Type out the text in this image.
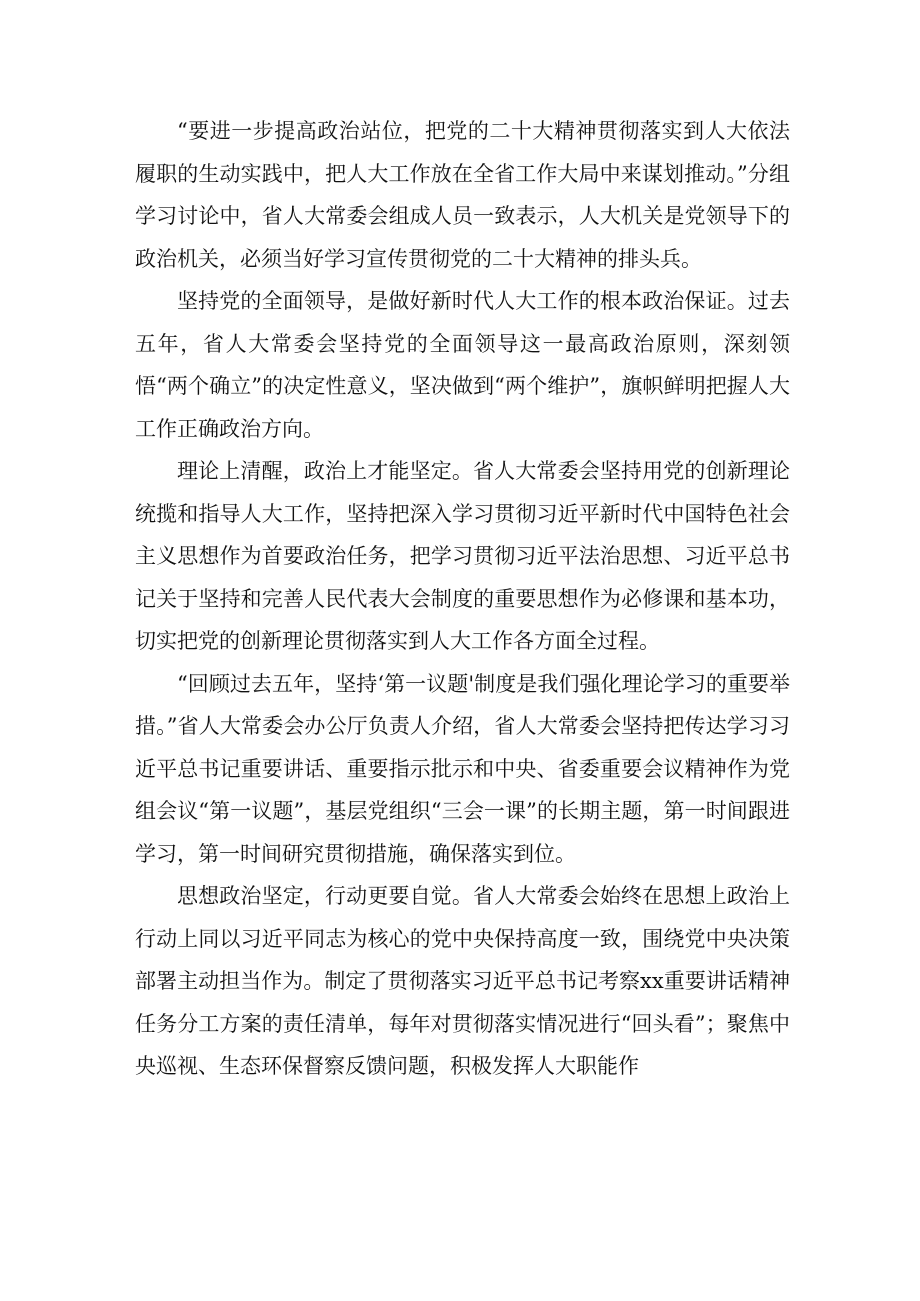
“要进一步提高政治站位，把党的二十大精神贯彻落实到人大依法履职的生动实践中，把人大工作放在全省工作大局中来谋划推动。”分组学习讨论中，省人大常委会组成人员一致表示，人大机关是党领导下的政治机关，必须当好学习宣传贯彻党的二十大精神的排头兵。

坚持党的全面领导，是做好新时代人大工作的根本政治保证。过去五年，省人大常委会坚持党的全面领导这一最高政治原则，深刻领悟“两个确立”的决定性意义，坚决做到“两个维护”，旗帜鲜明把握人大工作正确政治方向。

理论上清醒，政治上才能坚定。省人大常委会坚持用党的创新理论统揽和指导人大工作，坚持把深入学习贯彻习近平新时代中国特色社会主义思想作为首要政治任务，把学习贯彻习近平法治思想、习近平总书记关于坚持和完善人民代表大会制度的重要思想作为必修课和基本功，切实把党的创新理论贯彻落实到人大工作各方面全过程。

“回顾过去五年，坚持‘第一议题'制度是我们强化理论学习的重要举措。”省人大常委会办公厅负责人介绍，省人大常委会坚持把传达学习习近平总书记重要讲话、重要指示批示和中央、省委重要会议精神作为党组会议“第一议题”，基层党组织“三会一课”的长期主题，第一时间跟进学习，第一时间研究贯彻措施，确保落实到位。

思想政治坚定，行动更要自觉。省人大常委会始终在思想上政治上行动上同以习近平同志为核心的党中央保持高度一致，围绕党中央决策部署主动担当作为。制定了贯彻落实习近平总书记考察xx重要讲话精神任务分工方案的责任清单，每年对贯彻落实情况进行“回头看”；聚焦中央巡视、生态环保督察反馈问题，积极发挥人大职能作
